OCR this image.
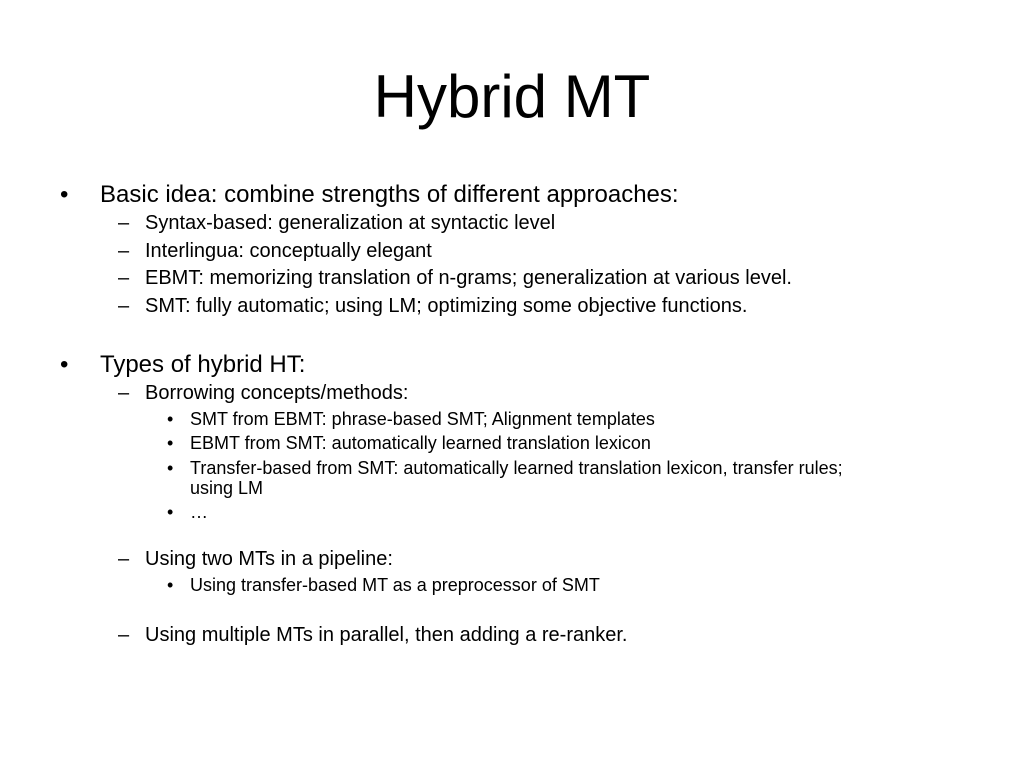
Hybrid MT
• Basic idea: combine strengths of different approaches:
– Syntax-based: generalization at syntactic level
– Interlingua: conceptually elegant
– EBMT: memorizing translation of n-grams; generalization at various level.
– SMT: fully automatic; using LM; optimizing some objective functions.
• Types of hybrid HT:
– Borrowing concepts/methods:
• SMT from EBMT: phrase-based SMT; Alignment templates
• EBMT from SMT: automatically learned translation lexicon
• Transfer-based from SMT: automatically learned translation lexicon, transfer rules;
using LM
• …
– Using two MTs in a pipeline:
• Using transfer-based MT as a preprocessor of SMT
– Using multiple MTs in parallel, then adding a re-ranker.
